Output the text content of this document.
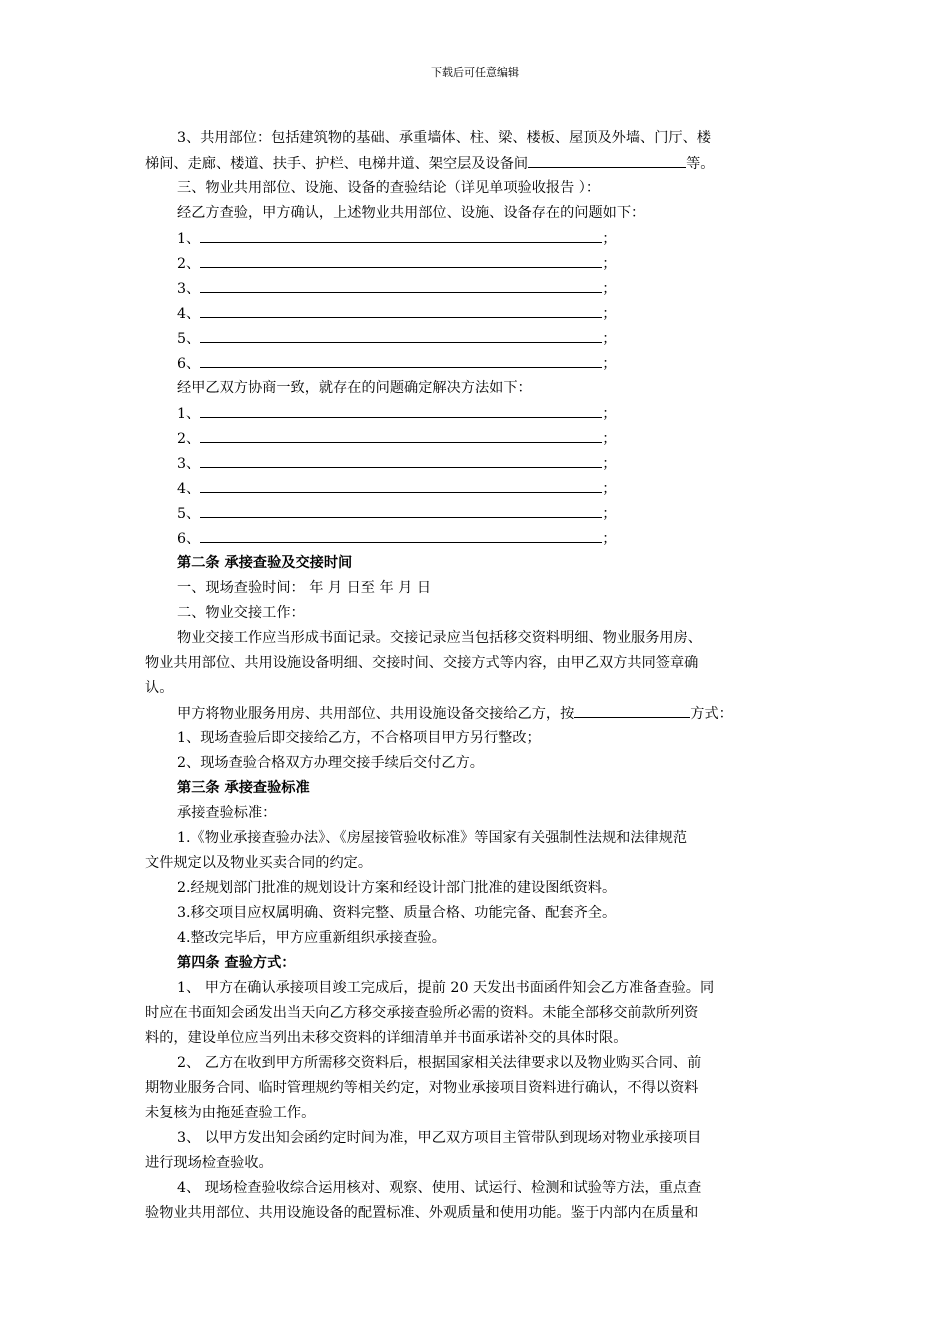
下载后可任意编辑
3、共用部位：包括建筑物的基础、承重墙体、柱、梁、楼板、屋顶及外墙、门厅、楼
梯间、走廊、楼道、扶手、护栏、电梯井道、架空层及设备间	等。
三、物业共用部位、设施、设备的查验结论（详见单项验收报告 ）：
经乙方查验，甲方确认，上述物业共用部位、设施、设备存在的问题如下：
1、	；
2、	；
3、	；
4、	；
5、	；
6、	；
经甲乙双方协商一致，就存在的问题确定解决方法如下：
1、	；
2、	；
3、	；
4、	；
5、	；
6、	；
第二条 承接查验及交接时间
一、现场查验时间： 年 月 日至 年 月 日
二、物业交接工作：
物业交接工作应当形成书面记录。交接记录应当包括移交资料明细、物业服务用房、
物业共用部位、共用设施设备明细、交接时间、交接方式等内容，由甲乙双方共同签章确
认。
甲方将物业服务用房、共用部位、共用设施设备交接给乙方，按	方式：
1、现场查验后即交接给乙方，不合格项目甲方另行整改；
2、现场查验合格双方办理交接手续后交付乙方。
第三条 承接查验标准
承接查验标准：
1.《物业承接查验办法》、《房屋接管验收标准》等国家有关强制性法规和法律规范
文件规定以及物业买卖合同的约定。
2.经规划部门批准的规划设计方案和经设计部门批准的建设图纸资料。
3.移交项目应权属明确、资料完整、质量合格、功能完备、配套齐全。
4.整改完毕后，甲方应重新组织承接查验。
第四条 查验方式：
1、 甲方在确认承接项目竣工完成后，提前 20 天发出书面函件知会乙方准备查验。同
时应在书面知会函发出当天向乙方移交承接查验所必需的资料。未能全部移交前款所列资
料的，建设单位应当列出未移交资料的详细清单并书面承诺补交的具体时限。
2、 乙方在收到甲方所需移交资料后，根据国家相关法律要求以及物业购买合同、前
期物业服务合同、临时管理规约等相关约定，对物业承接项目资料进行确认，不得以资料
未复核为由拖延查验工作。
3、 以甲方发出知会函约定时间为准，甲乙双方项目主管带队到现场对物业承接项目
进行现场检查验收。
4、 现场检查验收综合运用核对、观察、使用、试运行、检测和试验等方法，重点查
验物业共用部位、共用设施设备的配置标准、外观质量和使用功能。鉴于内部内在质量和
